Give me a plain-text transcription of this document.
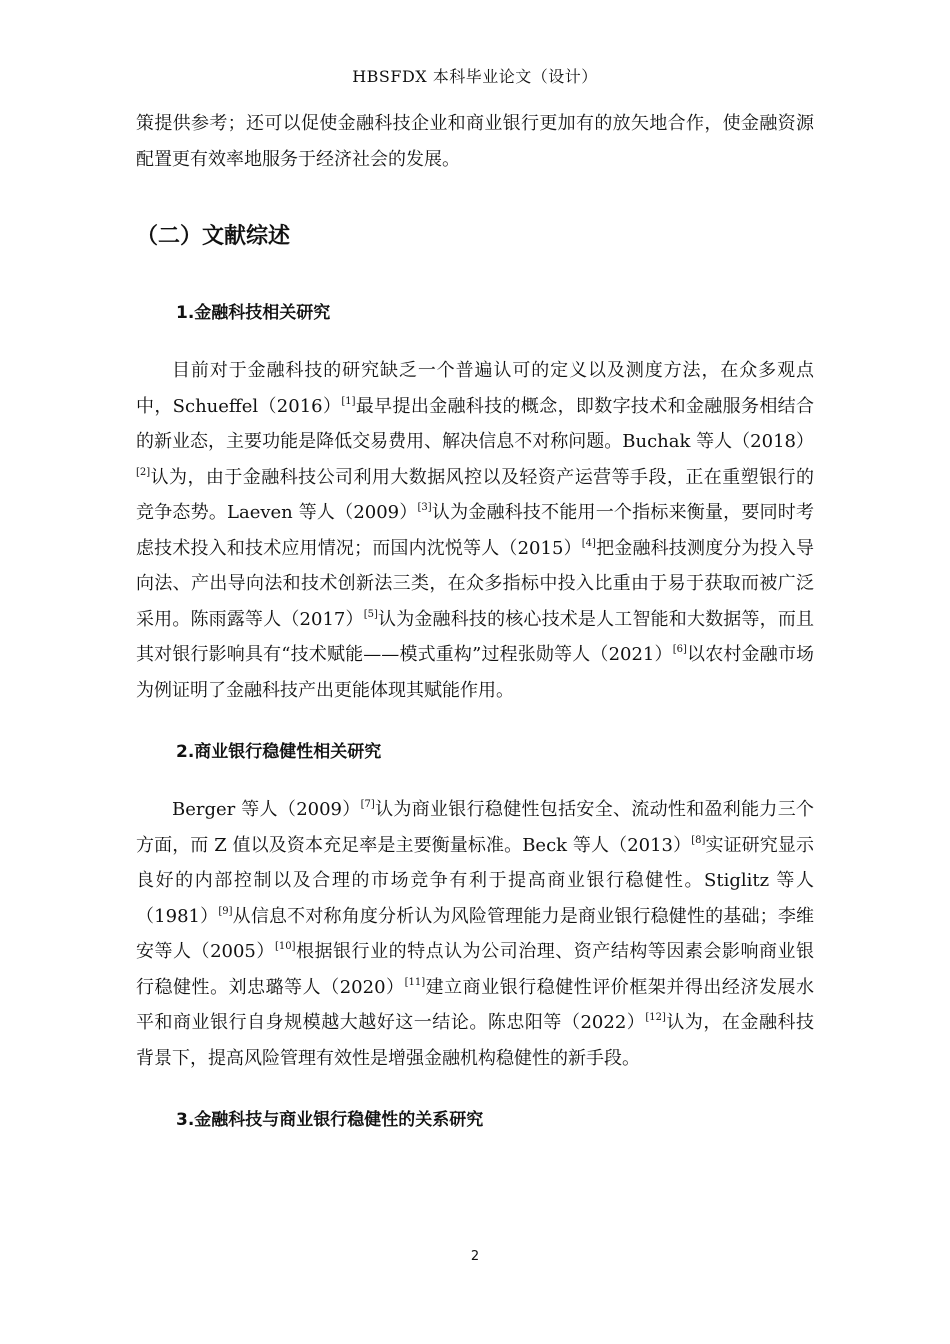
HBSFDX 本科毕业论文（设计）

策提供参考；还可以促使金融科技企业和商业银行更加有的放矢地合作，使金融资源配置更有效率地服务于经济社会的发展。

（二）文献综述
1.金融科技相关研究

目前对于金融科技的研究缺乏一个普遍认可的定义以及测度方法，在众多观点中，Schueffel（2016）[1]最早提出金融科技的概念，即数字技术和金融服务相结合的新业态，主要功能是降低交易费用、解决信息不对称问题。Buchak 等人（2018）[2]认为，由于金融科技公司利用大数据风控以及轻资产运营等手段，正在重塑银行的竞争态势。Laeven 等人（2009）[3]认为金融科技不能用一个指标来衡量，要同时考虑技术投入和技术应用情况；而国内沈悦等人（2015）[4]把金融科技测度分为投入导向法、产出导向法和技术创新法三类，在众多指标中投入比重由于易于获取而被广泛采用。陈雨露等人（2017）[5]认为金融科技的核心技术是人工智能和大数据等，而且其对银行影响具有“技术赋能——模式重构”过程张勋等人（2021）[6]以农村金融市场为例证明了金融科技产出更能体现其赋能作用。

2.商业银行稳健性相关研究

Berger 等人（2009）[7]认为商业银行稳健性包括安全、流动性和盈利能力三个方面，而 Z 值以及资本充足率是主要衡量标准。Beck 等人（2013）[8]实证研究显示良好的内部控制以及合理的市场竞争有利于提高商业银行稳健性。Stiglitz 等人（1981）[9]从信息不对称角度分析认为风险管理能力是商业银行稳健性的基础；李维安等人（2005）[10]根据银行业的特点认为公司治理、资产结构等因素会影响商业银行稳健性。刘忠璐等人（2020）[11]建立商业银行稳健性评价框架并得出经济发展水平和商业银行自身规模越大越好这一结论。陈忠阳等（2022）[12]认为，在金融科技背景下，提高风险管理有效性是增强金融机构稳健性的新手段。

3.金融科技与商业银行稳健性的关系研究
2
